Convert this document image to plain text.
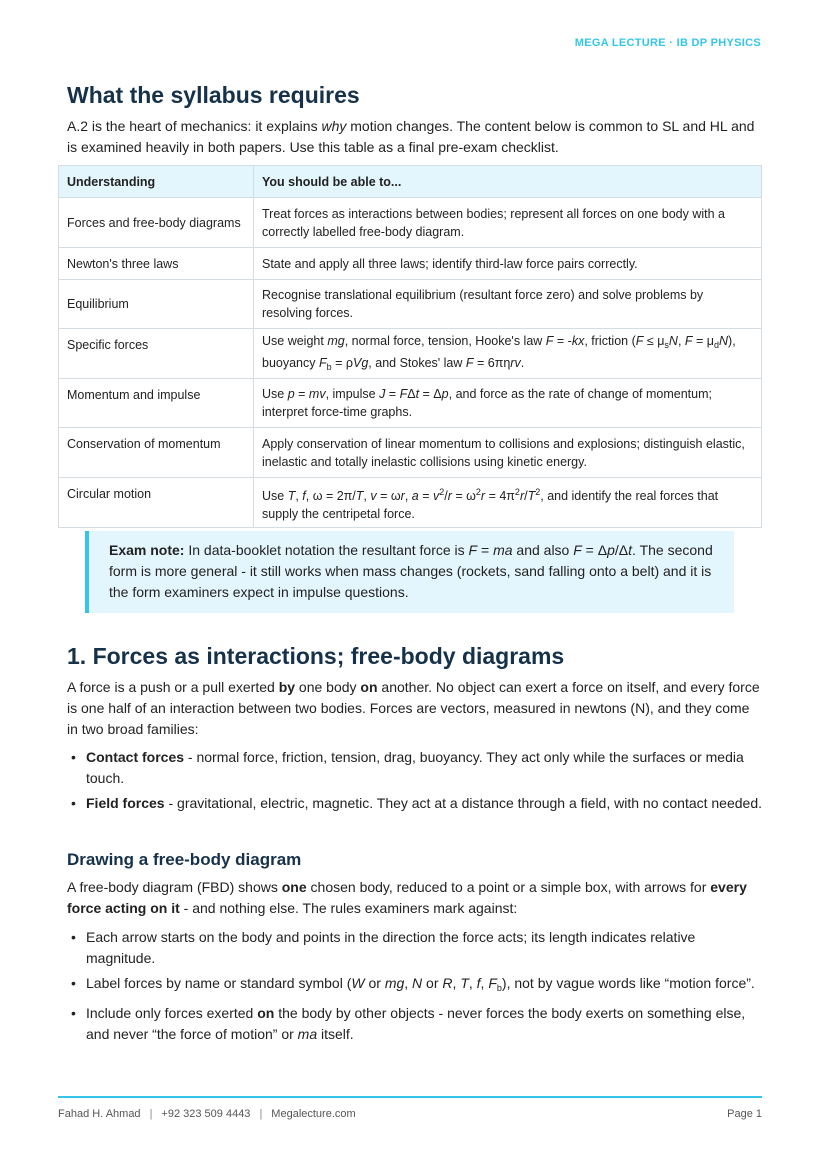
MEGA LECTURE · IB DP PHYSICS
What the syllabus requires

A.2 is the heart of mechanics: it explains why motion changes. The content below is common to SL and HL and is examined heavily in both papers. Use this table as a final pre-exam checklist.

Understanding	You should be able to...
Forces and free-body diagrams	Treat forces as interactions between bodies; represent all forces on one body with a correctly labelled free-body diagram.
Newton's three laws	State and apply all three laws; identify third-law force pairs correctly.
Equilibrium	Recognise translational equilibrium (resultant force zero) and solve problems by resolving forces.
Specific forces	Use weight mg, normal force, tension, Hooke's law F = -kx, friction ($F \le \mu_sN$, $F = \mu_dN$), buoyancy $F_b = \rho Vg$, and Stokes' law F = 6πηrv.
Momentum and impulse	Use p = mv, impulse J = FΔt = Δp, and force as the rate of change of momentum; interpret force-time graphs.
Conservation of momentum	Apply conservation of linear momentum to collisions and explosions; distinguish elastic, inelastic and totally inelastic collisions using kinetic energy.
Circular motion	Use T, f, ω = 2π/T, v = ωr, $a = v^2/r = \omega^2r = 4\pi^2r/T^2$, and identify the real forces that supply the centripetal force.
Exam note: In data-booklet notation the resultant force is F = ma and also F = Δp/Δt. The second form is more general - it still works when mass changes (rockets, sand falling onto a belt) and it is the form examiners expect in impulse questions.
1. Forces as interactions; free-body diagrams

A force is a push or a pull exerted by one body on another. No object can exert a force on itself, and every force is one half of an interaction between two bodies. Forces are vectors, measured in newtons (N), and they come in two broad families:

• Contact forces - normal force, friction, tension, drag, buoyancy. They act only while the surfaces or media touch.
• Field forces - gravitational, electric, magnetic. They act at a distance through a field, with no contact needed.
Drawing a free-body diagram

A free-body diagram (FBD) shows one chosen body, reduced to a point or a simple box, with arrows for every force acting on it - and nothing else. The rules examiners mark against:

• Each arrow starts on the body and points in the direction the force acts; its length indicates relative magnitude.
• Label forces by name or standard symbol (W or mg, N or R, T, f, $F_b$), not by vague words like “motion force”.
• Include only forces exerted on the body by other objects - never forces the body exerts on something else, and never “the force of motion” or ma itself.
Fahad H. Ahmad | +92 323 509 4443 | Megalecture.com	Page 1
